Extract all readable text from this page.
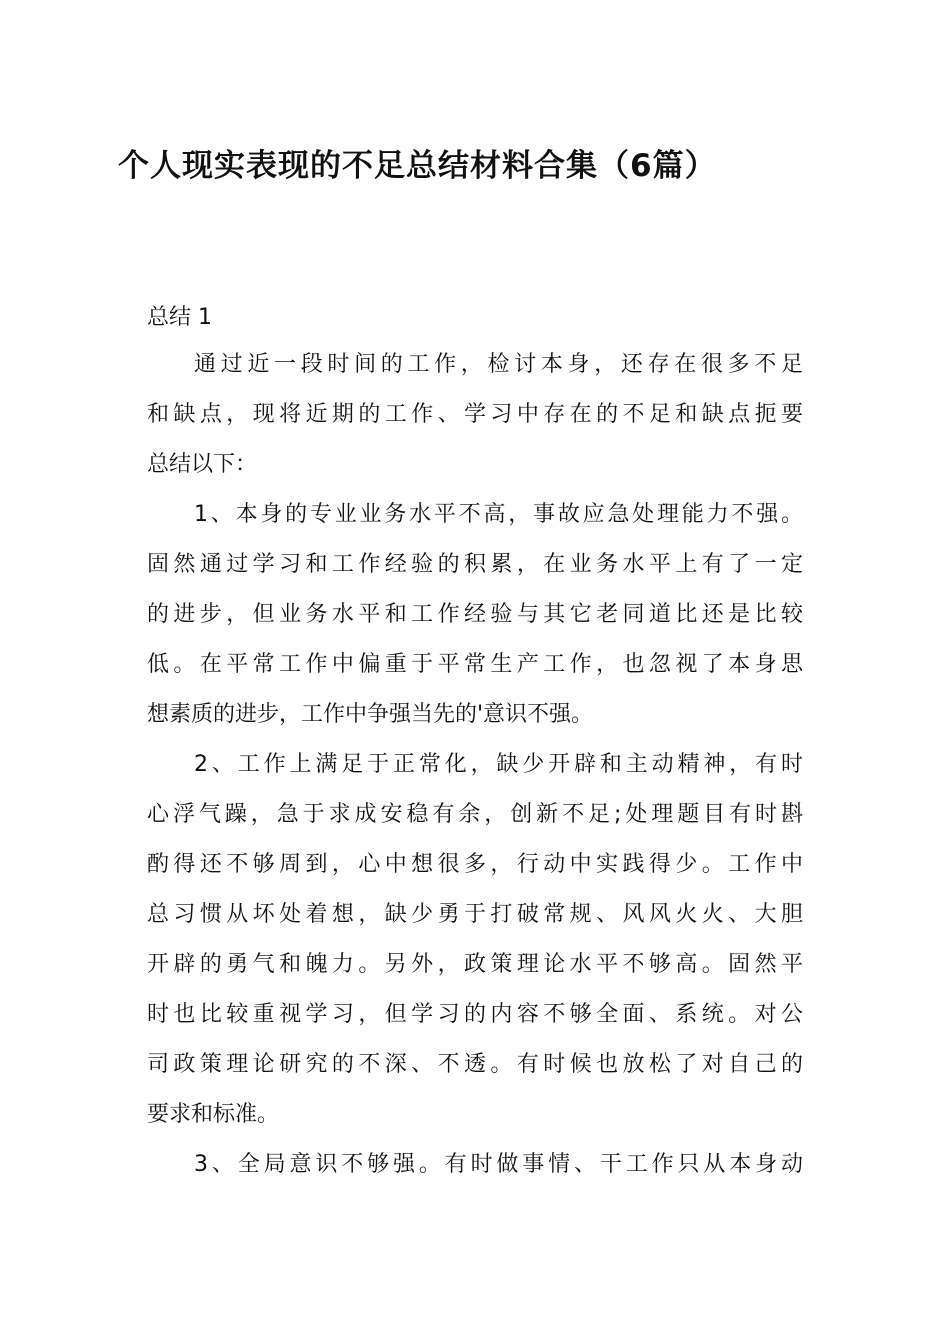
个人现实表现的不足总结材料合集（6篇）
总结 1
通过近一段时间的工作，检讨本身，还存在很多不足
和缺点，现将近期的工作、学习中存在的不足和缺点扼要
总结以下：
1、本身的专业业务水平不高，事故应急处理能力不强。
固然通过学习和工作经验的积累，在业务水平上有了一定
的进步，但业务水平和工作经验与其它老同道比还是比较
低。在平常工作中偏重于平常生产工作，也忽视了本身思
想素质的进步，工作中争强当先的'意识不强。
2、工作上满足于正常化，缺少开辟和主动精神，有时
心浮气躁，急于求成安稳有余，创新不足;处理题目有时斟
酌得还不够周到，心中想很多，行动中实践得少。工作中
总习惯从坏处着想，缺少勇于打破常规、风风火火、大胆
开辟的勇气和魄力。另外，政策理论水平不够高。固然平
时也比较重视学习，但学习的内容不够全面、系统。对公
司政策理论研究的不深、不透。有时候也放松了对自己的
要求和标准。
3、全局意识不够强。有时做事情、干工作只从本身动
